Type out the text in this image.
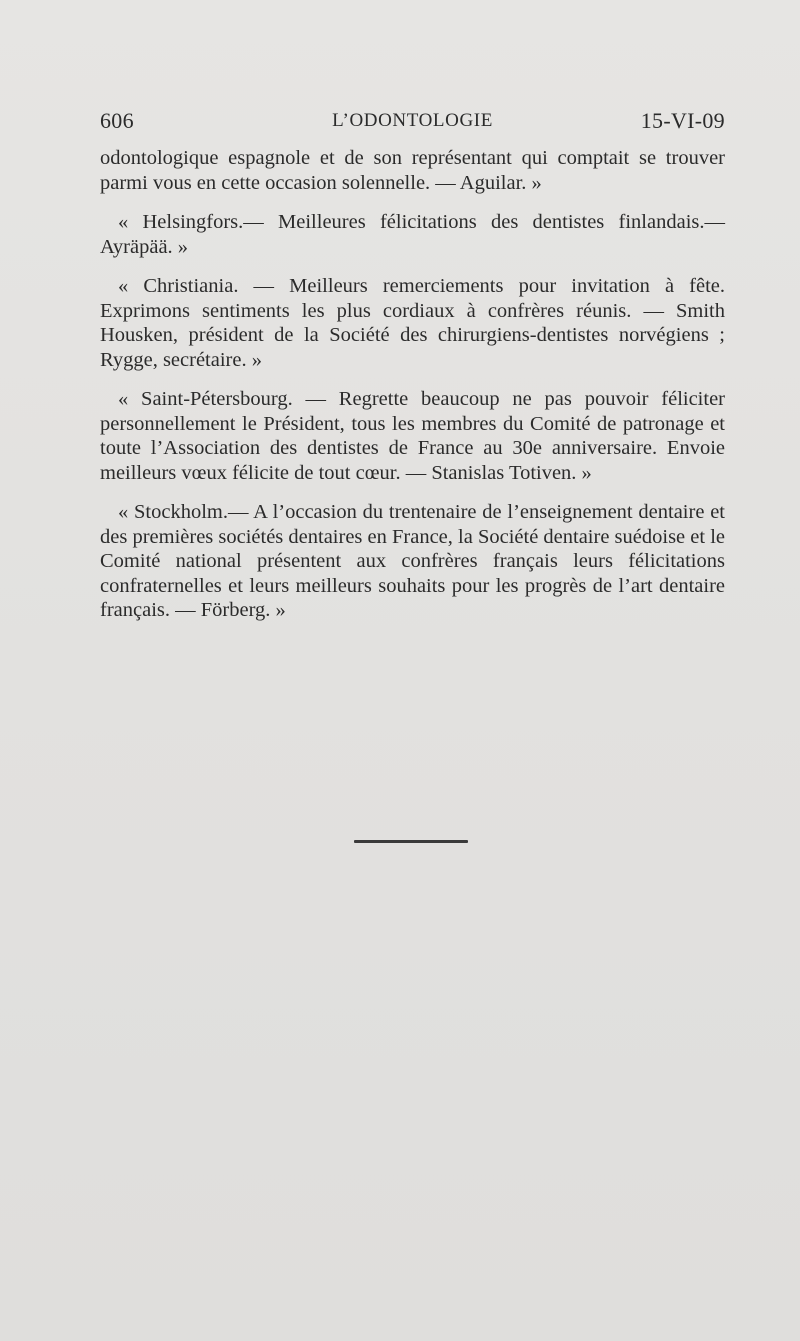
606	L’ODONTOLOGIE	15-VI-09

odontologique espagnole et de son représentant qui comptait se trouver parmi vous en cette occasion solennelle. — Aguilar. »

« Helsingfors.— Meilleures félicitations des dentistes finlandais.— Ayräpää. »

« Christiania. — Meilleurs remerciements pour invitation à fête. Exprimons sentiments les plus cordiaux à confrères réunis. — Smith Housken, président de la Société des chirurgiens-dentistes norvégiens ; Rygge, secrétaire. »

« Saint-Pétersbourg. — Regrette beaucoup ne pas pouvoir féliciter personnellement le Président, tous les membres du Comité de patronage et toute l’Association des dentistes de France au 30e anniversaire. Envoie meilleurs vœux félicite de tout cœur. — Stanislas Totiven. »

« Stockholm.— A l’occasion du trentenaire de l’enseignement dentaire et des premières sociétés dentaires en France, la Société dentaire suédoise et le Comité national présentent aux confrères français leurs félicitations confraternelles et leurs meilleurs souhaits pour les progrès de l’art dentaire français. — Förberg. »
